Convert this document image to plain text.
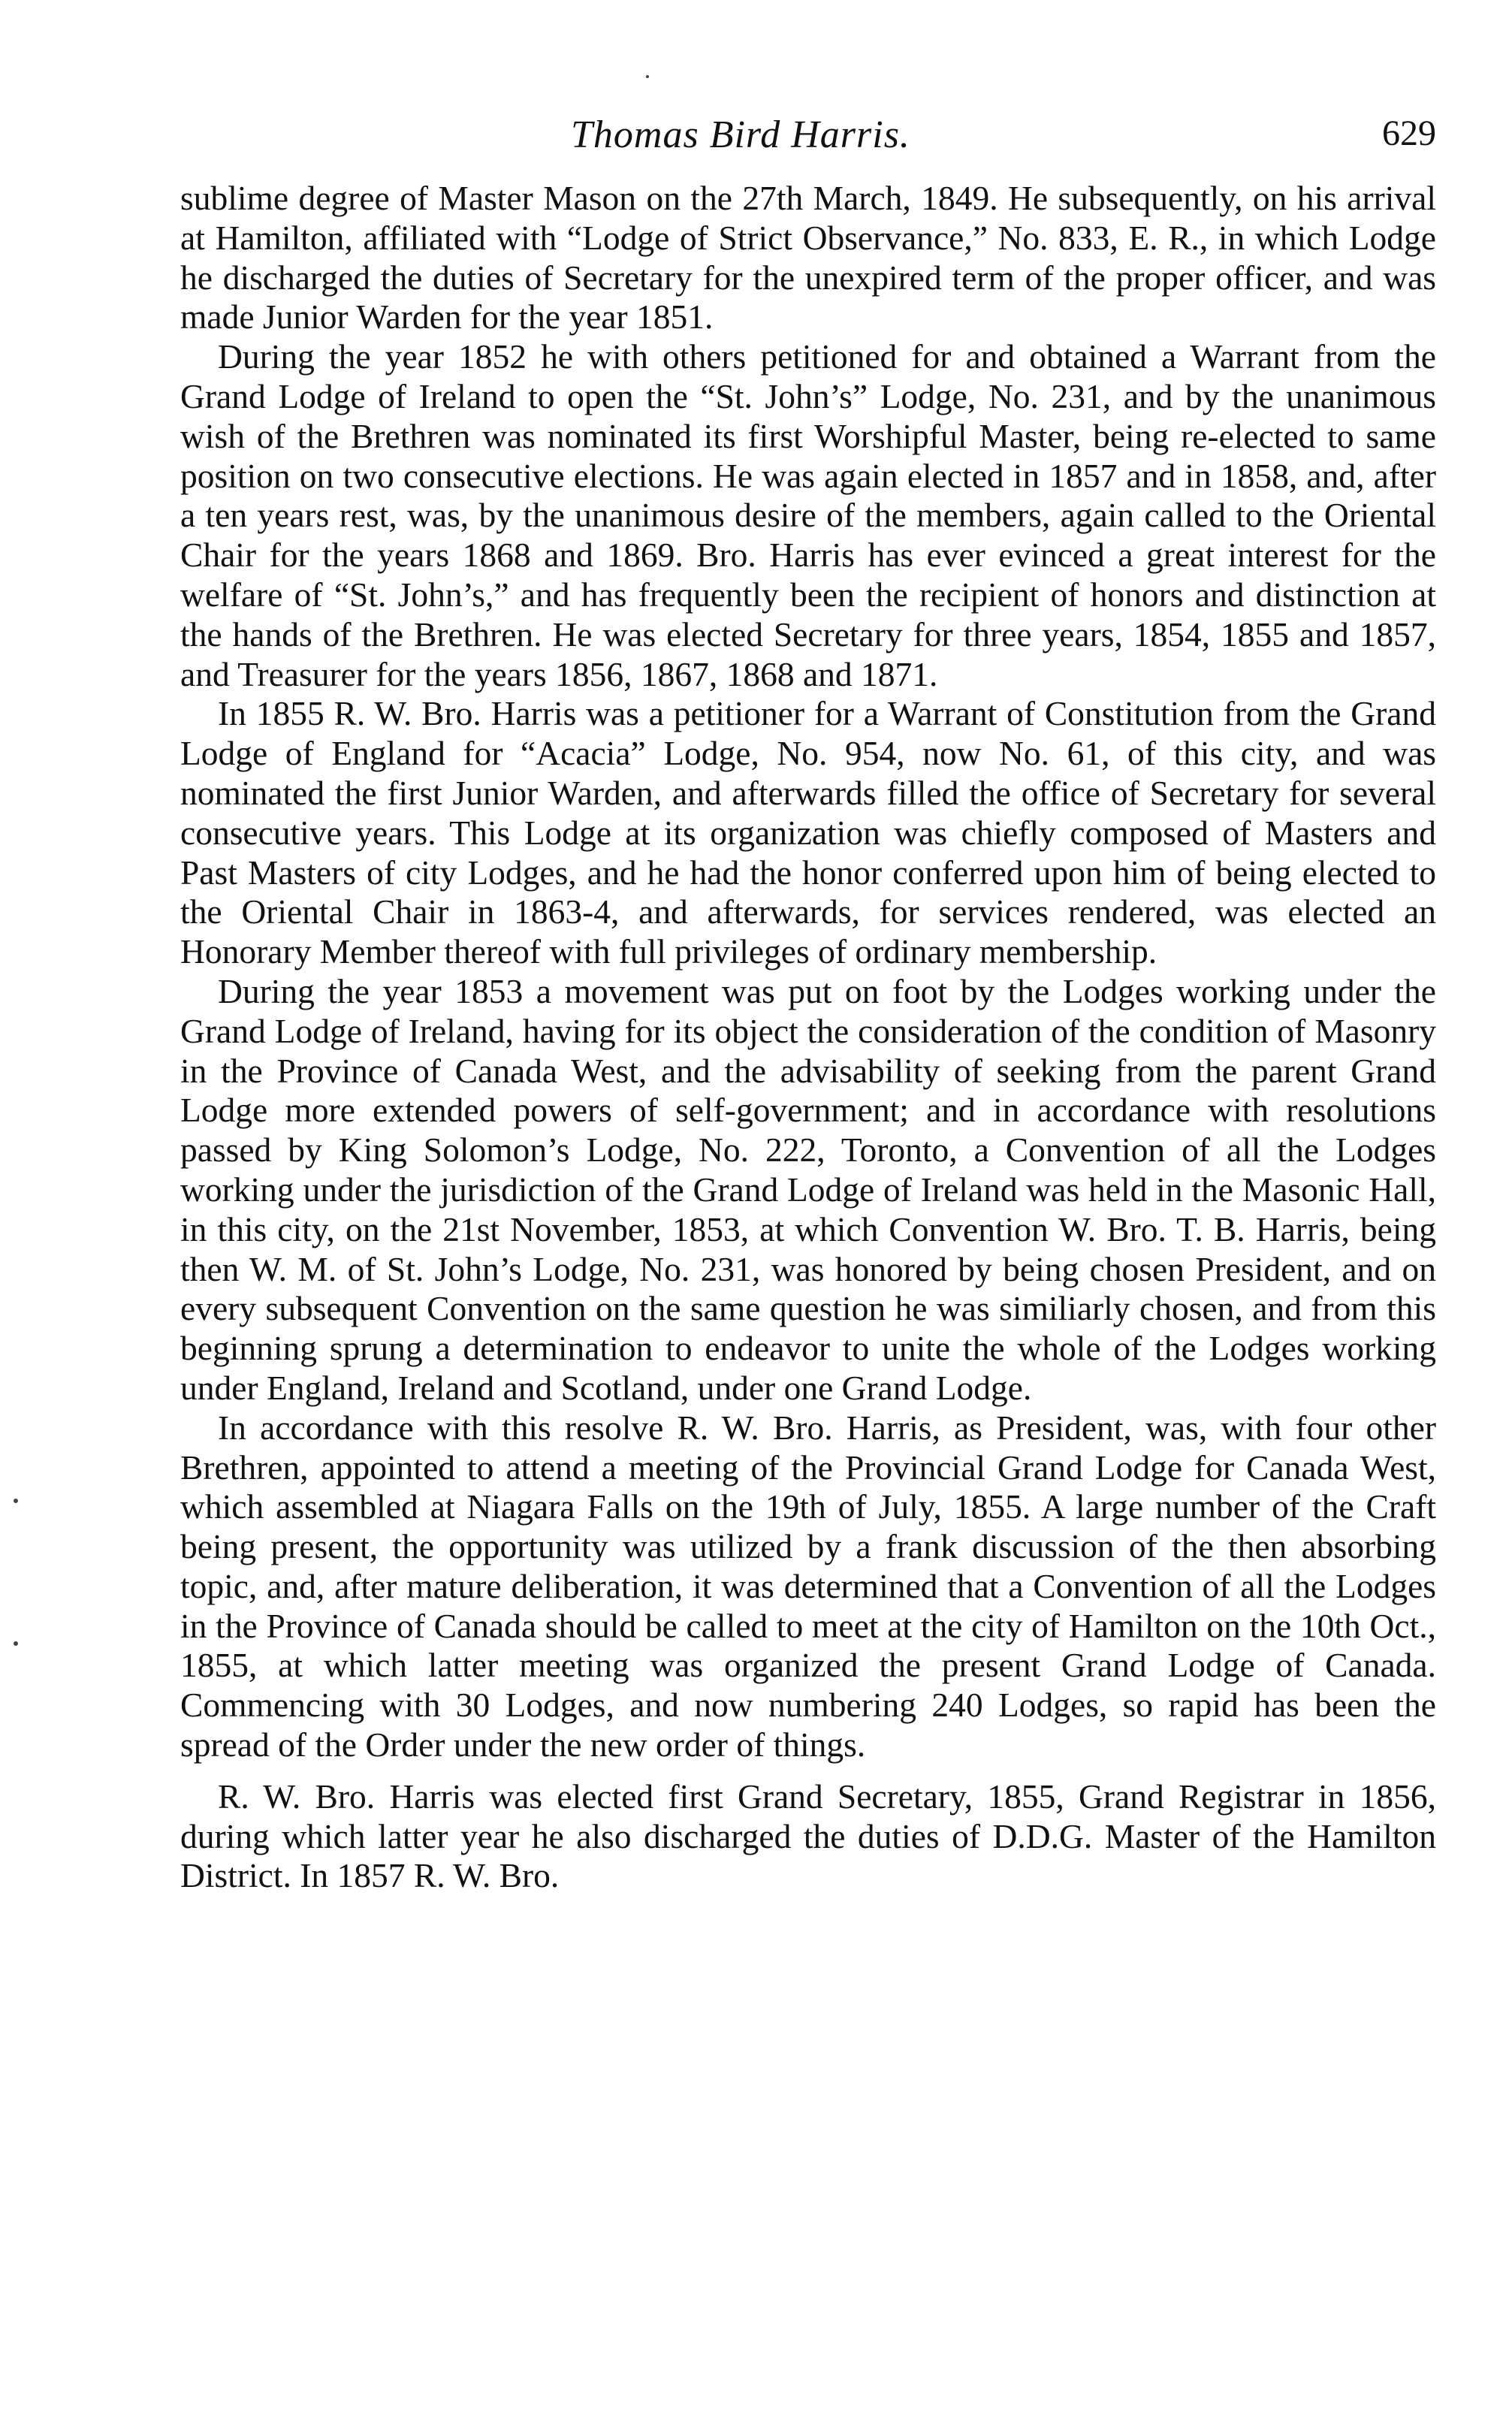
Thomas Bird Harris.	629

sublime degree of Master Mason on the 27th March, 1849. He subsequently, on his arrival at Hamilton, affiliated with “Lodge of Strict Observance,” No. 833, E. R., in which Lodge he discharged the duties of Secretary for the unexpired term of the proper officer, and was made Junior Warden for the year 1851.

During the year 1852 he with others petitioned for and obtained a Warrant from the Grand Lodge of Ireland to open the “St. John’s” Lodge, No. 231, and by the unanimous wish of the Brethren was nominated its first Worshipful Master, being re-elected to same position on two consecutive elections. He was again elected in 1857 and in 1858, and, after a ten years rest, was, by the unanimous desire of the members, again called to the Oriental Chair for the years 1868 and 1869. Bro. Harris has ever evinced a great interest for the welfare of “St. John’s,” and has frequently been the recipient of honors and distinction at the hands of the Brethren. He was elected Secretary for three years, 1854, 1855 and 1857, and Treasurer for the years 1856, 1867, 1868 and 1871.

In 1855 R. W. Bro. Harris was a petitioner for a Warrant of Constitution from the Grand Lodge of England for “Acacia” Lodge, No. 954, now No. 61, of this city, and was nominated the first Junior Warden, and afterwards filled the office of Secretary for several consecutive years. This Lodge at its organization was chiefly composed of Masters and Past Masters of city Lodges, and he had the honor conferred upon him of being elected to the Oriental Chair in 1863-4, and afterwards, for services rendered, was elected an Honorary Member thereof with full privileges of ordinary membership.

During the year 1853 a movement was put on foot by the Lodges working under the Grand Lodge of Ireland, having for its object the consideration of the condition of Masonry in the Province of Canada West, and the advisability of seeking from the parent Grand Lodge more extended powers of self-government; and in accordance with resolutions passed by King Solomon’s Lodge, No. 222, Toronto, a Convention of all the Lodges working under the jurisdiction of the Grand Lodge of Ireland was held in the Masonic Hall, in this city, on the 21st November, 1853, at which Convention W. Bro. T. B. Harris, being then W. M. of St. John’s Lodge, No. 231, was honored by being chosen President, and on every subsequent Convention on the same question he was similiarly chosen, and from this beginning sprung a determination to endeavor to unite the whole of the Lodges working under England, Ireland and Scotland, under one Grand Lodge.

In accordance with this resolve R. W. Bro. Harris, as President, was, with four other Brethren, appointed to attend a meeting of the Provincial Grand Lodge for Canada West, which assembled at Niagara Falls on the 19th of July, 1855. A large number of the Craft being present, the opportunity was utilized by a frank discussion of the then absorbing topic, and, after mature deliberation, it was determined that a Convention of all the Lodges in the Province of Canada should be called to meet at the city of Hamilton on the 10th Oct., 1855, at which latter meeting was organized the present Grand Lodge of Canada. Commencing with 30 Lodges, and now numbering 240 Lodges, so rapid has been the spread of the Order under the new order of things.

R. W. Bro. Harris was elected first Grand Secretary, 1855, Grand Registrar in 1856, during which latter year he also discharged the duties of D.D.G. Master of the Hamilton District. In 1857 R. W. Bro.
